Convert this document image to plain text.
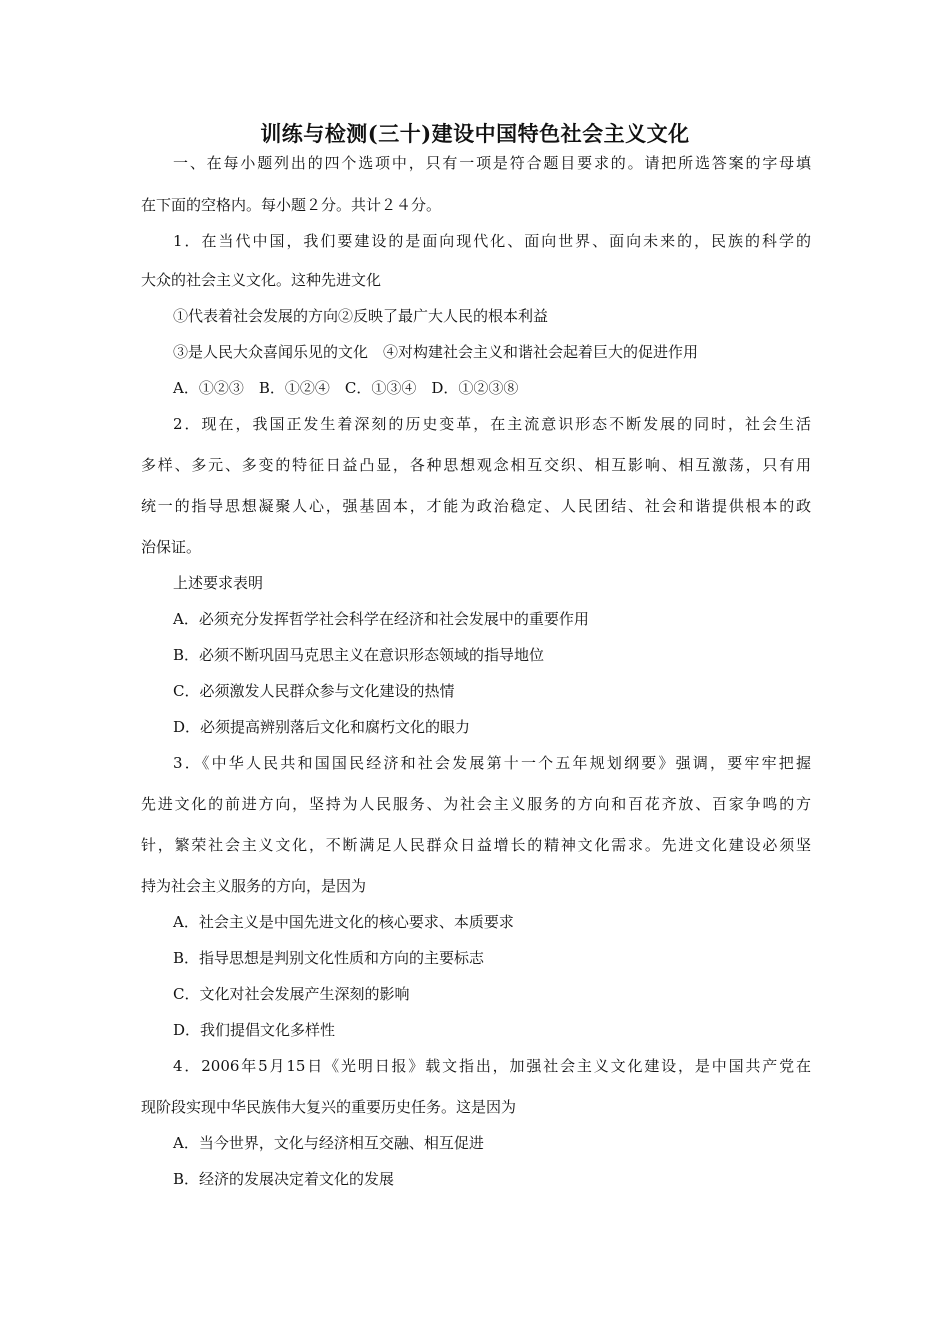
训练与检测(三十)建设中国特色社会主义文化
一、在每小题列出的四个选项中，只有一项是符合题目要求的。请把所选答案的字母填
在下面的空格内。每小题２分。共计２４分。
1．在当代中国，我们要建设的是面向现代化、面向世界、面向未来的，民族的科学的
大众的社会主义文化。这种先进文化
①代表着社会发展的方向②反映了最广大人民的根本利益
③是人民大众喜闻乐见的文化　④对构建社会主义和谐社会起着巨大的促进作用
A．①②③　B．①②④　C．①③④　D．①②③⑧
2．现在，我国正发生着深刻的历史变革，在主流意识形态不断发展的同时，社会生活
多样、多元、多变的特征日益凸显，各种思想观念相互交织、相互影响、相互激荡，只有用
统一的指导思想凝聚人心，强基固本，才能为政治稳定、人民团结、社会和谐提供根本的政
治保证。
上述要求表明
A．必须充分发挥哲学社会科学在经济和社会发展中的重要作用
B．必须不断巩固马克思主义在意识形态领域的指导地位
C．必须激发人民群众参与文化建设的热情
D．必须提高辨别落后文化和腐朽文化的眼力
3．《中华人民共和国国民经济和社会发展第十一个五年规划纲要》强调，要牢牢把握
先进文化的前进方向，坚持为人民服务、为社会主义服务的方向和百花齐放、百家争鸣的方
针，繁荣社会主义文化，不断满足人民群众日益增长的精神文化需求。先进文化建设必须坚
持为社会主义服务的方向，是因为
A．社会主义是中国先进文化的核心要求、本质要求
B．指导思想是判别文化性质和方向的主要标志
C．文化对社会发展产生深刻的影响
D．我们提倡文化多样性
4．2006年5月15日《光明日报》载文指出，加强社会主义文化建设，是中国共产党在
现阶段实现中华民族伟大复兴的重要历史任务。这是因为
A．当今世界，文化与经济相互交融、相互促进
B．经济的发展决定着文化的发展
